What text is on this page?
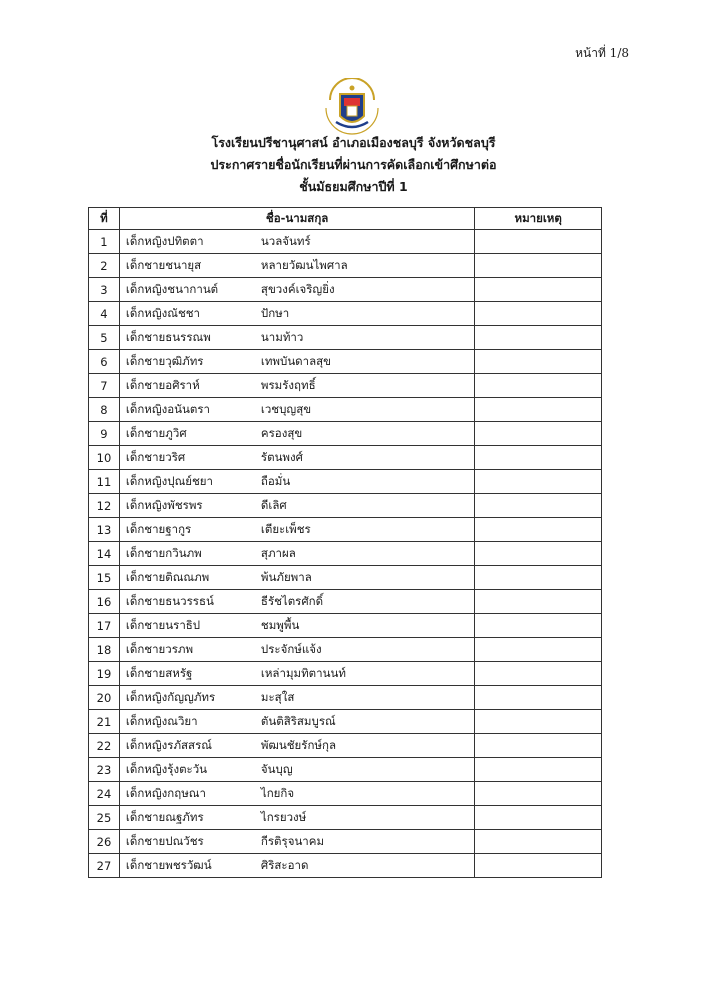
หน้าที่ 1/8
โรงเรียนปรีชานุศาสน์ อำเภอเมืองชลบุรี จังหวัดชลบุรี
ประกาศรายชื่อนักเรียนที่ผ่านการคัดเลือกเข้าศึกษาต่อ
ชั้นมัธยมศึกษาปีที่ 1
ที่	ชื่อ-นามสกุล	หมายเหตุ
1	เด็กหญิงปทิตตา นวลจันทร์	
2	เด็กชายชนายุส หลายวัฒนไพศาล	
3	เด็กหญิงชนากานต์ สุขวงค์เจริญยิ่ง	
4	เด็กหญิงณัชชา ปักษา	
5	เด็กชายธนรรณพ นามท้าว	
6	เด็กชายวุฒิภัทร เทพบันดาลสุข	
7	เด็กชายอศิราห์ พรมรังฤทธิ์	
8	เด็กหญิงอนันตรา เวชบุญสุข	
9	เด็กชายภูวิศ ครองสุข	
10	เด็กชายวริศ รัตนพงศ์	
11	เด็กหญิงปุณย์ชยา ถือมั่น	
12	เด็กหญิงพัชรพร ดีเลิศ	
13	เด็กชายฐากูร เตียะเพ็ชร	
14	เด็กชายกวินภพ สุภาผล	
15	เด็กชายติณณภพ พ้นภัยพาล	
16	เด็กชายธนวรรธน์ ธีรัชไตรศักดิ์	
17	เด็กชายนราธิป ชมพูพื้น	
18	เด็กชายวรภพ ประจักษ์แจ้ง	
19	เด็กชายสหรัฐ เหล่ามุมทิตานนท์	
20	เด็กหญิงกัญญภัทร มะสุใส	
21	เด็กหญิงณวิยา ตันติสิริสมบูรณ์	
22	เด็กหญิงรภัสสรณ์ พัฒนชัยรักษ์กุล	
23	เด็กหญิงรุ้งตะวัน จันบุญ	
24	เด็กหญิงกฤษณา ไกยกิจ	
25	เด็กชายณฐภัทร ไกรยวงษ์	
26	เด็กชายปณวัชร กีรติรุจนาคม	
27	เด็กชายพชรวัฒน์ ศิริสะอาด	
